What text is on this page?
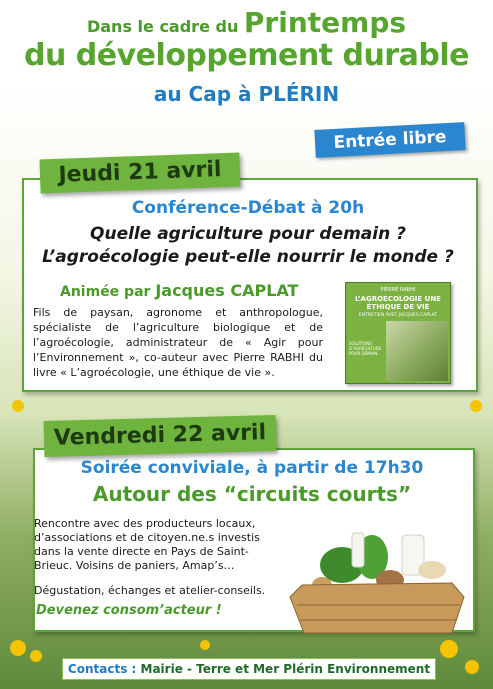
Dans le cadre du Printemps
du développement durable
au Cap à PLÉRIN
Entrée libre
Jeudi 21 avril
Conférence-Débat à 20h
Quelle agriculture pour demain ?
L’agroécologie peut-elle nourrir le monde ?
Animée par Jacques CAPLAT
Fils de paysan, agronome et anthropologue, spécialiste de l’agriculture biologique et de l’agroécologie, administrateur de « Agir pour l’Environnement », co-auteur avec Pierre RABHI du livre « L’agroécologie, une éthique de vie ».
PIERRE RABHI
L’AGROÉCOLOGIE UNE ÉTHIQUE DE VIE
ENTRETIEN AVEC JACQUES CAPLAT
SOLUTIONS D’AGRICULTURE POUR DEMAIN
Vendredi 22 avril
Soirée conviviale, à partir de 17h30
Autour des “circuits courts”
Rencontre avec des producteurs locaux, d’associations et de citoyen.ne.s investis dans la vente directe en Pays de Saint-Brieuc. Voisins de paniers, Amap’s…
Dégustation, échanges et atelier-conseils.
Devenez consom’acteur !
Contacts : Mairie - Terre et Mer Plérin Environnement
